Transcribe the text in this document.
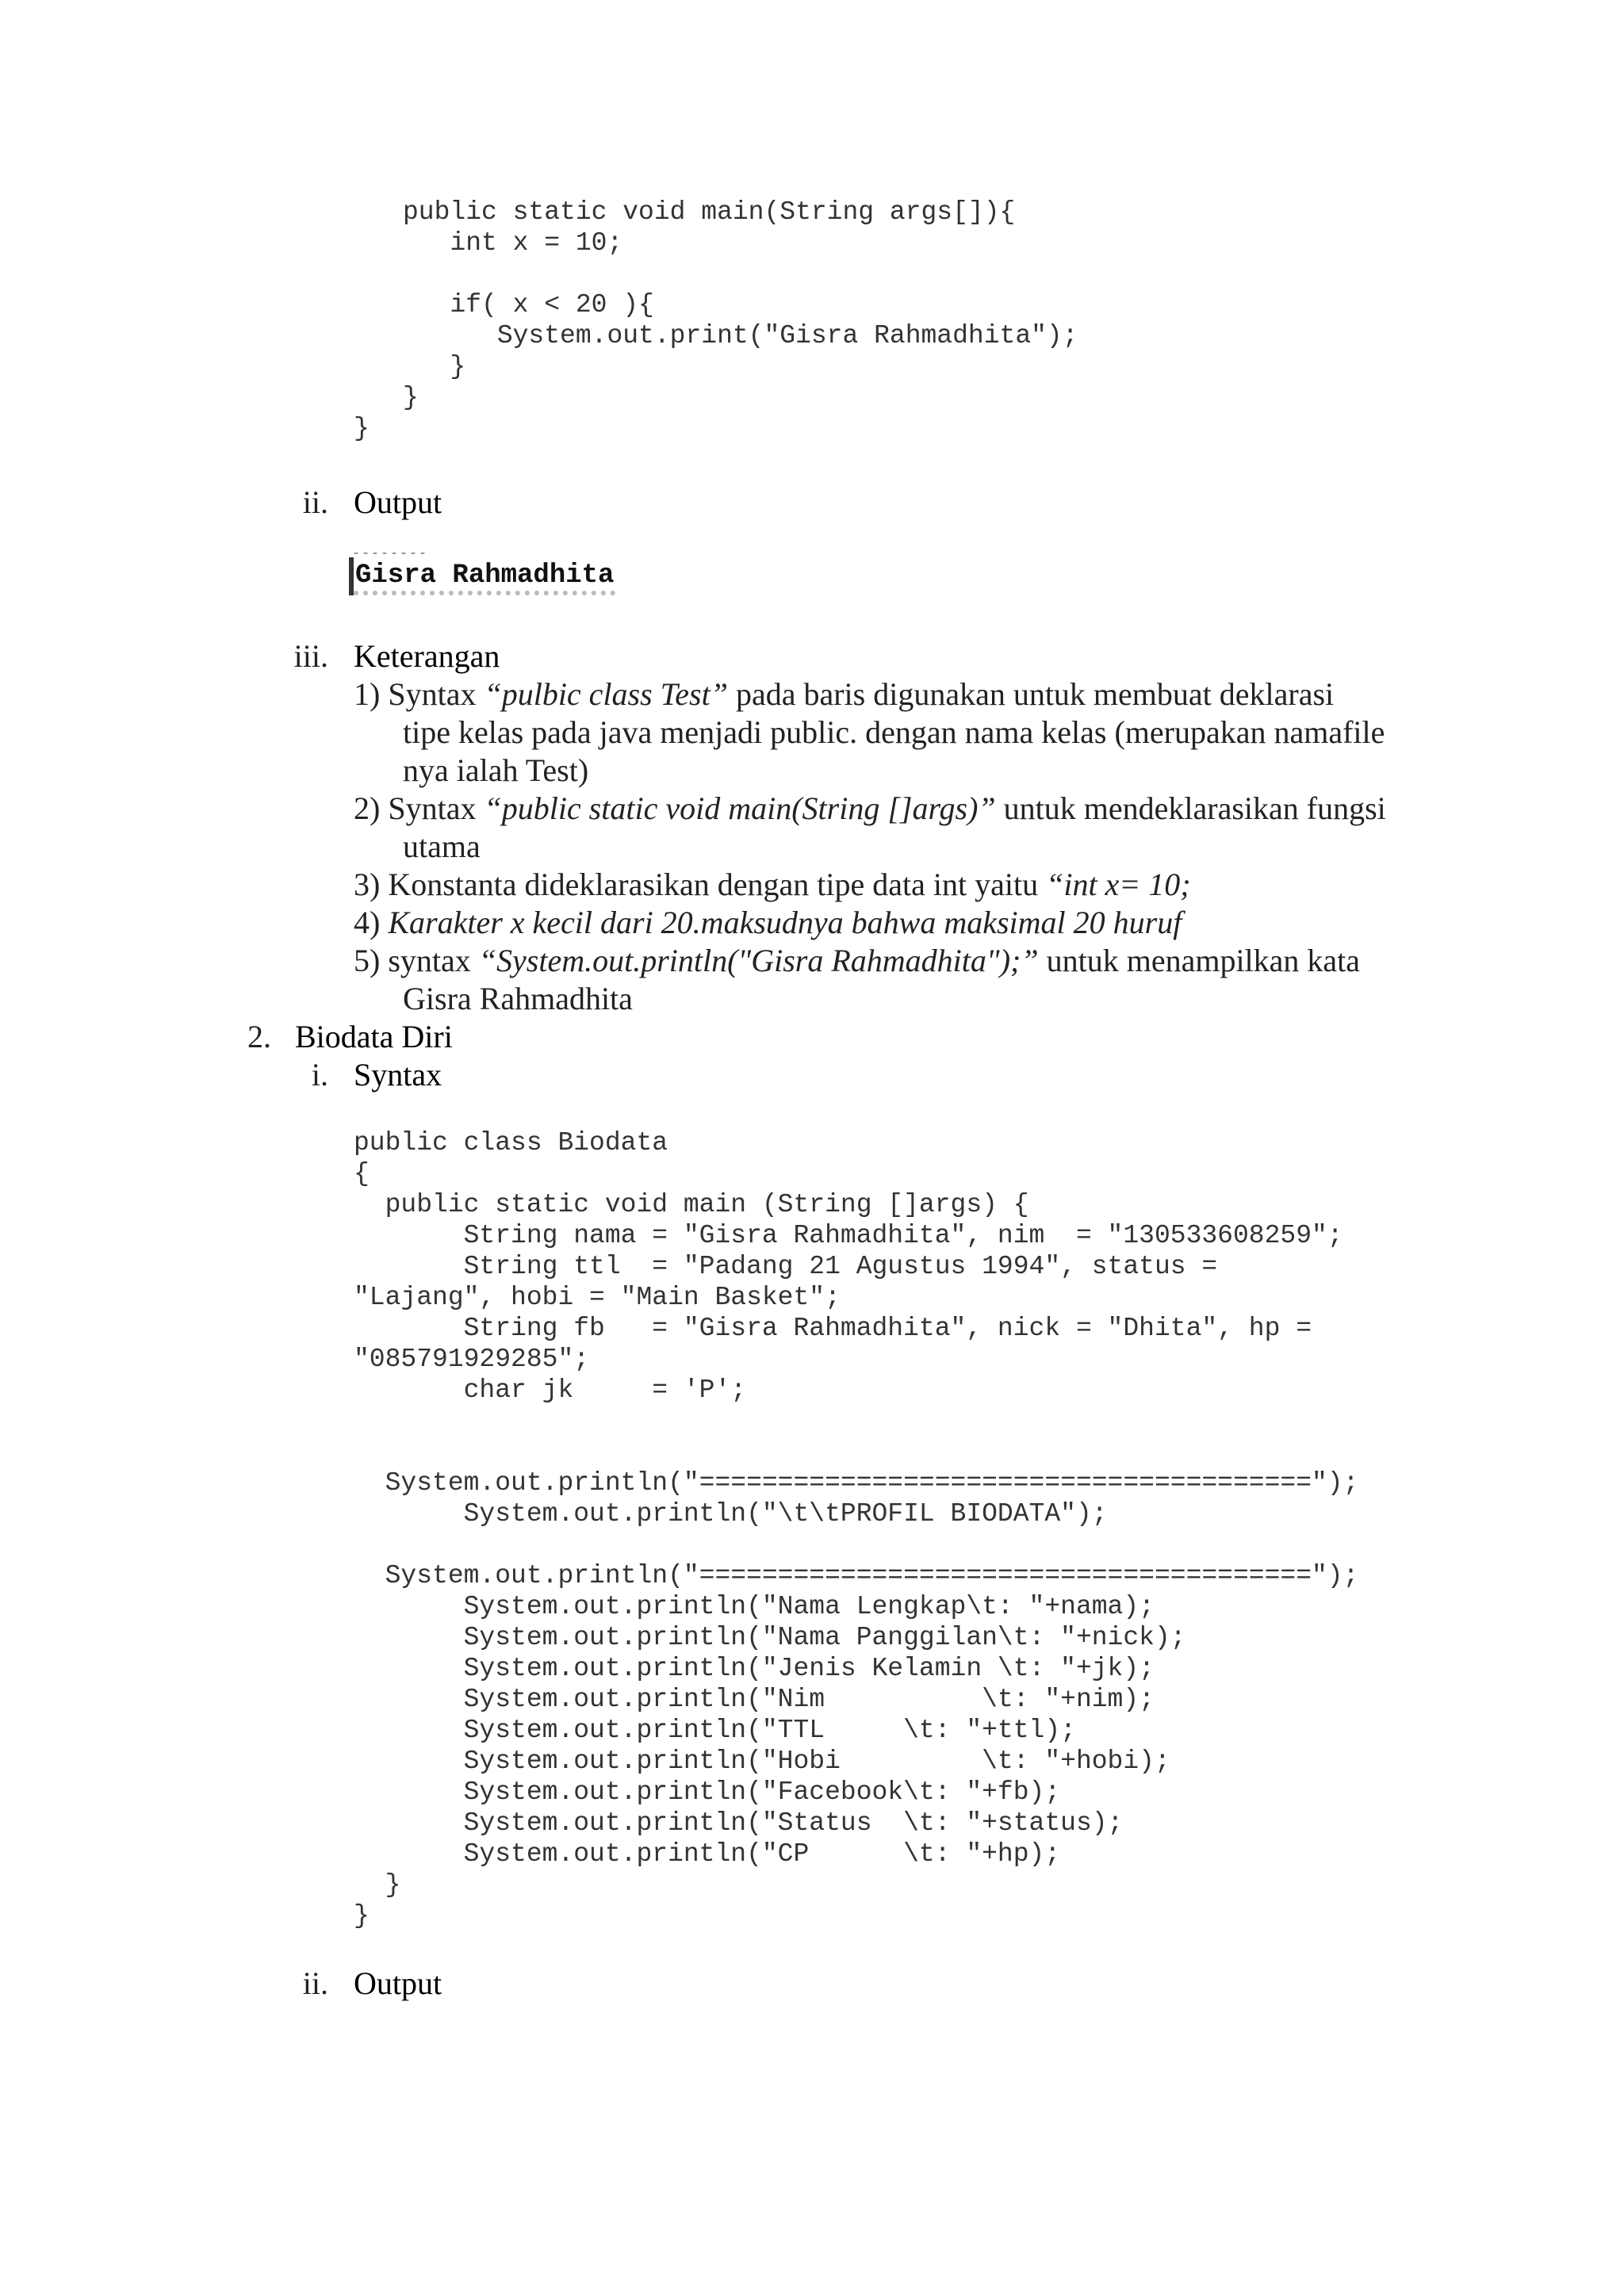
public static void main(String args[]){
int x = 10;

if( x < 20 ){
System.out.print("Gisra Rahmadhita");
}
}
}
ii. Output
Gisra Rahmadhita
iii. Keterangan
1) Syntax “pulbic class Test” pada baris digunakan untuk membuat deklarasi
tipe kelas pada java menjadi public. dengan nama kelas (merupakan namafile
nya ialah Test)
2) Syntax “public static void main(String []args)” untuk mendeklarasikan fungsi
utama
3) Konstanta dideklarasikan dengan tipe data int yaitu “int x= 10;
4) Karakter x kecil dari 20.maksudnya bahwa maksimal 20 huruf
5) syntax “System.out.println("Gisra Rahmadhita");” untuk menampilkan kata
Gisra Rahmadhita
2. Biodata Diri
i. Syntax
public class Biodata
{
public static void main (String []args) {
String nama = "Gisra Rahmadhita", nim  = "130533608259";
String ttl  = "Padang 21 Agustus 1994", status =
"Lajang", hobi = "Main Basket";
String fb   = "Gisra Rahmadhita", nick = "Dhita", hp =
"085791929285";
char jk     = 'P';

System.out.println("=======================================");
System.out.println("\t\tPROFIL BIODATA");

System.out.println("=======================================");
System.out.println("Nama Lengkap\t: "+nama);
System.out.println("Nama Panggilan\t: "+nick);
System.out.println("Jenis Kelamin \t: "+jk);
System.out.println("Nim          \t: "+nim);
System.out.println("TTL     \t: "+ttl);
System.out.println("Hobi         \t: "+hobi);
System.out.println("Facebook\t: "+fb);
System.out.println("Status  \t: "+status);
System.out.println("CP      \t: "+hp);
}
}
ii. Output
